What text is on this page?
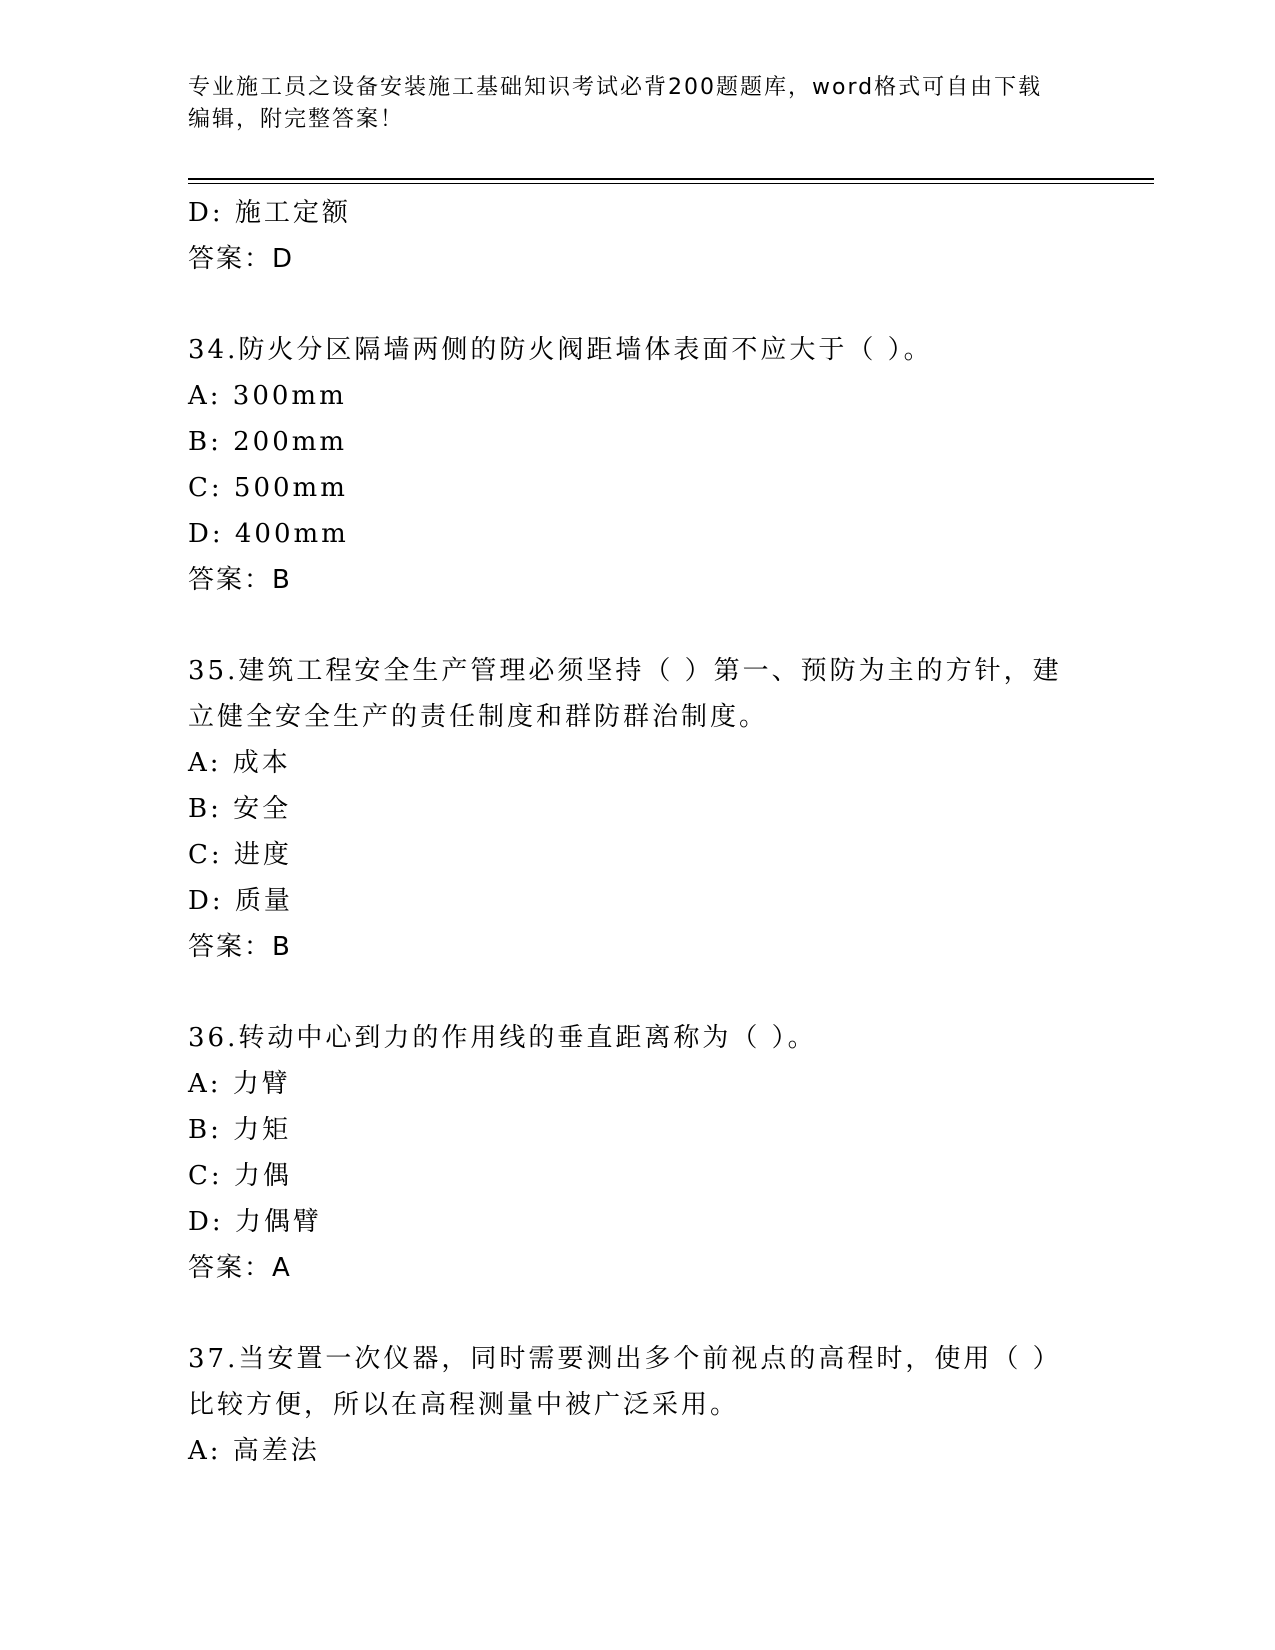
专业施工员之设备安装施工基础知识考试必背200题题库，word格式可自由下载
编辑，附完整答案！
D: 施工定额
答案：D
34.防火分区隔墙两侧的防火阀距墙体表面不应大于（ ）。
A: 300mm
B: 200mm
C: 500mm
D: 400mm
答案：B
35.建筑工程安全生产管理必须坚持（ ）第一、预防为主的方针，建
立健全安全生产的责任制度和群防群治制度。
A: 成本
B: 安全
C: 进度
D: 质量
答案：B
36.转动中心到力的作用线的垂直距离称为（ ）。
A: 力臂
B: 力矩
C: 力偶
D: 力偶臂
答案：A
37.当安置一次仪器，同时需要测出多个前视点的高程时，使用（ ）
比较方便，所以在高程测量中被广泛采用。
A: 高差法
